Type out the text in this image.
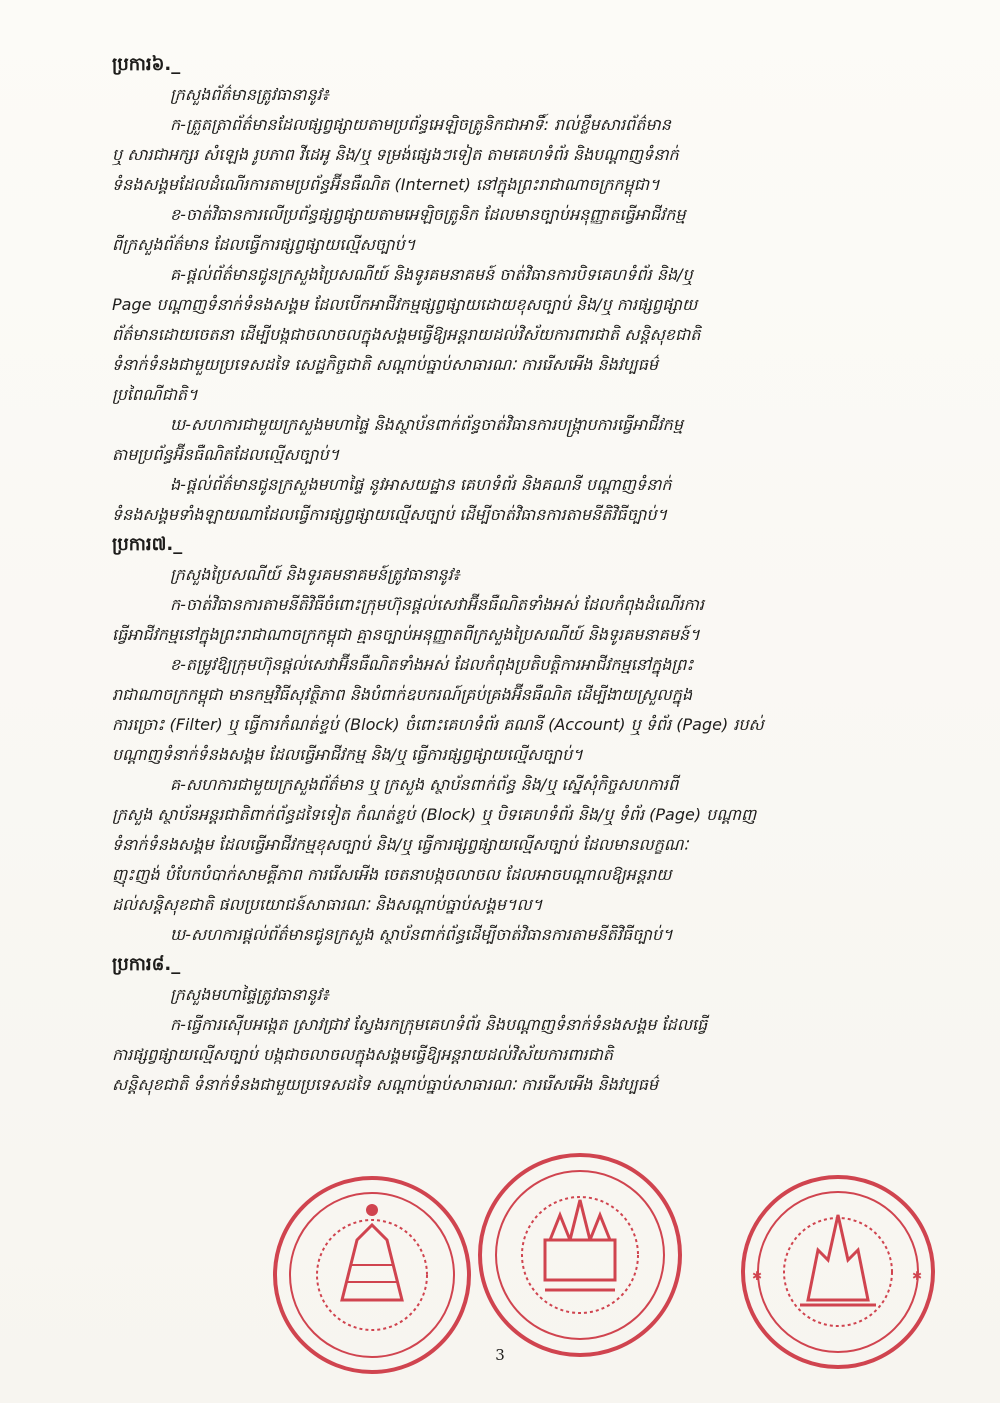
ប្រការ៦._
ក្រសួងព័ត៌មានត្រូវធានានូវ៖
ក-ត្រួតត្រាព័ត៌មានដែលផ្សព្វផ្សាយតាមប្រព័ន្ធអេឡិចត្រូនិកជាអាទិ៍: រាល់ខ្លឹមសារព័ត៌មាន
ឬ សារជាអក្សរ សំឡេង រូបភាព វីដេអូ និង/ឬ ទម្រង់ផ្សេងៗទៀត តាមគេហទំព័រ និងបណ្ដាញទំនាក់
ទំនងសង្គមដែលដំណើរការតាមប្រព័ន្ធអ៊ីនធឺណិត (Internet) នៅក្នុងព្រះរាជាណាចក្រកម្ពុជា។
ខ-ចាត់វិធានការលើប្រព័ន្ធផ្សព្វផ្សាយតាមអេឡិចត្រូនិក ដែលមានច្បាប់អនុញ្ញាតធ្វើអាជីវកម្ម
ពីក្រសួងព័ត៌មាន ដែលធ្វើការផ្សព្វផ្សាយល្មើសច្បាប់។
គ-ផ្ដល់ព័ត៌មានជូនក្រសួងប្រៃសណីយ៍ និងទូរគមនាគមន៍ ចាត់វិធានការបិទគេហទំព័រ និង/ឬ
Page បណ្ដាញទំនាក់ទំនងសង្គម ដែលបើកអាជីវកម្មផ្សព្វផ្សាយដោយខុសច្បាប់ និង/ឬ ការផ្សព្វផ្សាយ
ព័ត៌មានដោយចេតនា ដើម្បីបង្កជាចលាចលក្នុងសង្គមធ្វើឱ្យអន្តរាយដល់វិស័យការពារជាតិ សន្តិសុខជាតិ
ទំនាក់ទំនងជាមួយប្រទេសដទៃ សេដ្ឋកិច្ចជាតិ សណ្ដាប់ធ្នាប់សាធារណៈ ការរើសអើង និងវប្បធម៌
ប្រពៃណីជាតិ។
ឃ-សហការជាមួយក្រសួងមហាផ្ទៃ និងស្ថាប័នពាក់ព័ន្ធចាត់វិធានការបង្ក្រាបការធ្វើអាជីវកម្ម
តាមប្រព័ន្ធអ៊ីនធឺណិតដែលល្មើសច្បាប់។
ង-ផ្ដល់ព័ត៌មានជូនក្រសួងមហាផ្ទៃ នូវអាសយដ្ឋាន គេហទំព័រ និងគណនី បណ្ដាញទំនាក់
ទំនងសង្គមទាំងឡាយណាដែលធ្វើការផ្សព្វផ្សាយល្មើសច្បាប់ ដើម្បីចាត់វិធានការតាមនីតិវិធីច្បាប់។
ប្រការ៧._
ក្រសួងប្រៃសណីយ៍ និងទូរគមនាគមន៍ត្រូវធានានូវ៖
ក-ចាត់វិធានការតាមនីតិវិធីចំពោះក្រុមហ៊ុនផ្ដល់សេវាអ៊ីនធឺណិតទាំងអស់ ដែលកំពុងដំណើរការ
ធ្វើអាជីវកម្មនៅក្នុងព្រះរាជាណាចក្រកម្ពុជា គ្មានច្បាប់អនុញ្ញាតពីក្រសួងប្រៃសណីយ៍ និងទូរគមនាគមន៍។
ខ-តម្រូវឱ្យក្រុមហ៊ុនផ្ដល់សេវាអ៊ីនធឺណិតទាំងអស់ ដែលកំពុងប្រតិបត្តិការអាជីវកម្មនៅក្នុងព្រះ
រាជាណាចក្រកម្ពុជា មានកម្មវិធីសុវត្ថិភាព និងបំពាក់ឧបករណ៍គ្រប់គ្រងអ៊ីនធឺណិត ដើម្បីងាយស្រួលក្នុង
ការច្រោះ (Filter) ឬ ធ្វើការកំណត់ខ្ទប់ (Block) ចំពោះគេហទំព័រ គណនី (Account) ឬ ទំព័រ (Page) របស់
បណ្ដាញទំនាក់ទំនងសង្គម ដែលធ្វើអាជីវកម្ម និង/ឬ ធ្វើការផ្សព្វផ្សាយល្មើសច្បាប់។
គ-សហការជាមួយក្រសួងព័ត៌មាន ឬ ក្រសួង ស្ថាប័នពាក់ព័ន្ធ និង/ឬ ស្នើសុំកិច្ចសហការពី
ក្រសួង ស្ថាប័នអន្តរជាតិពាក់ព័ន្ធដទៃទៀត កំណត់ខ្ទប់ (Block) ឬ បិទគេហទំព័រ និង/ឬ ទំព័រ (Page) បណ្ដាញ
ទំនាក់ទំនងសង្គម ដែលធ្វើអាជីវកម្មខុសច្បាប់ និង/ឬ ធ្វើការផ្សព្វផ្សាយល្មើសច្បាប់ ដែលមានលក្ខណៈ
ញុះញង់ បំបែកបំបាក់សាមគ្គីភាព ការរើសអើង ចេតនាបង្កចលាចល ដែលអាចបណ្ដាលឱ្យអន្តរាយ
ដល់សន្តិសុខជាតិ ផលប្រយោជន៍សាធារណៈ និងសណ្ដាប់ធ្នាប់សង្គម។ល។
ឃ-សហការផ្ដល់ព័ត៌មានជូនក្រសួង ស្ថាប័នពាក់ព័ន្ធដើម្បីចាត់វិធានការតាមនីតិវិធីច្បាប់។
ប្រការ៨._
ក្រសួងមហាផ្ទៃត្រូវធានានូវ៖
ក-ធ្វើការស៊ើបអង្កេត ស្រាវជ្រាវ ស្វែងរកក្រុមគេហទំព័រ និងបណ្ដាញទំនាក់ទំនងសង្គម ដែលធ្វើ
ការផ្សព្វផ្សាយល្មើសច្បាប់ បង្កជាចលាចលក្នុងសង្គមធ្វើឱ្យអន្តរាយដល់វិស័យការពារជាតិ
សន្តិសុខជាតិ ទំនាក់ទំនងជាមួយប្រទេសដទៃ សណ្ដាប់ធ្នាប់សាធារណៈ ការរើសអើង និងវប្បធម៌
✱	✱
3
